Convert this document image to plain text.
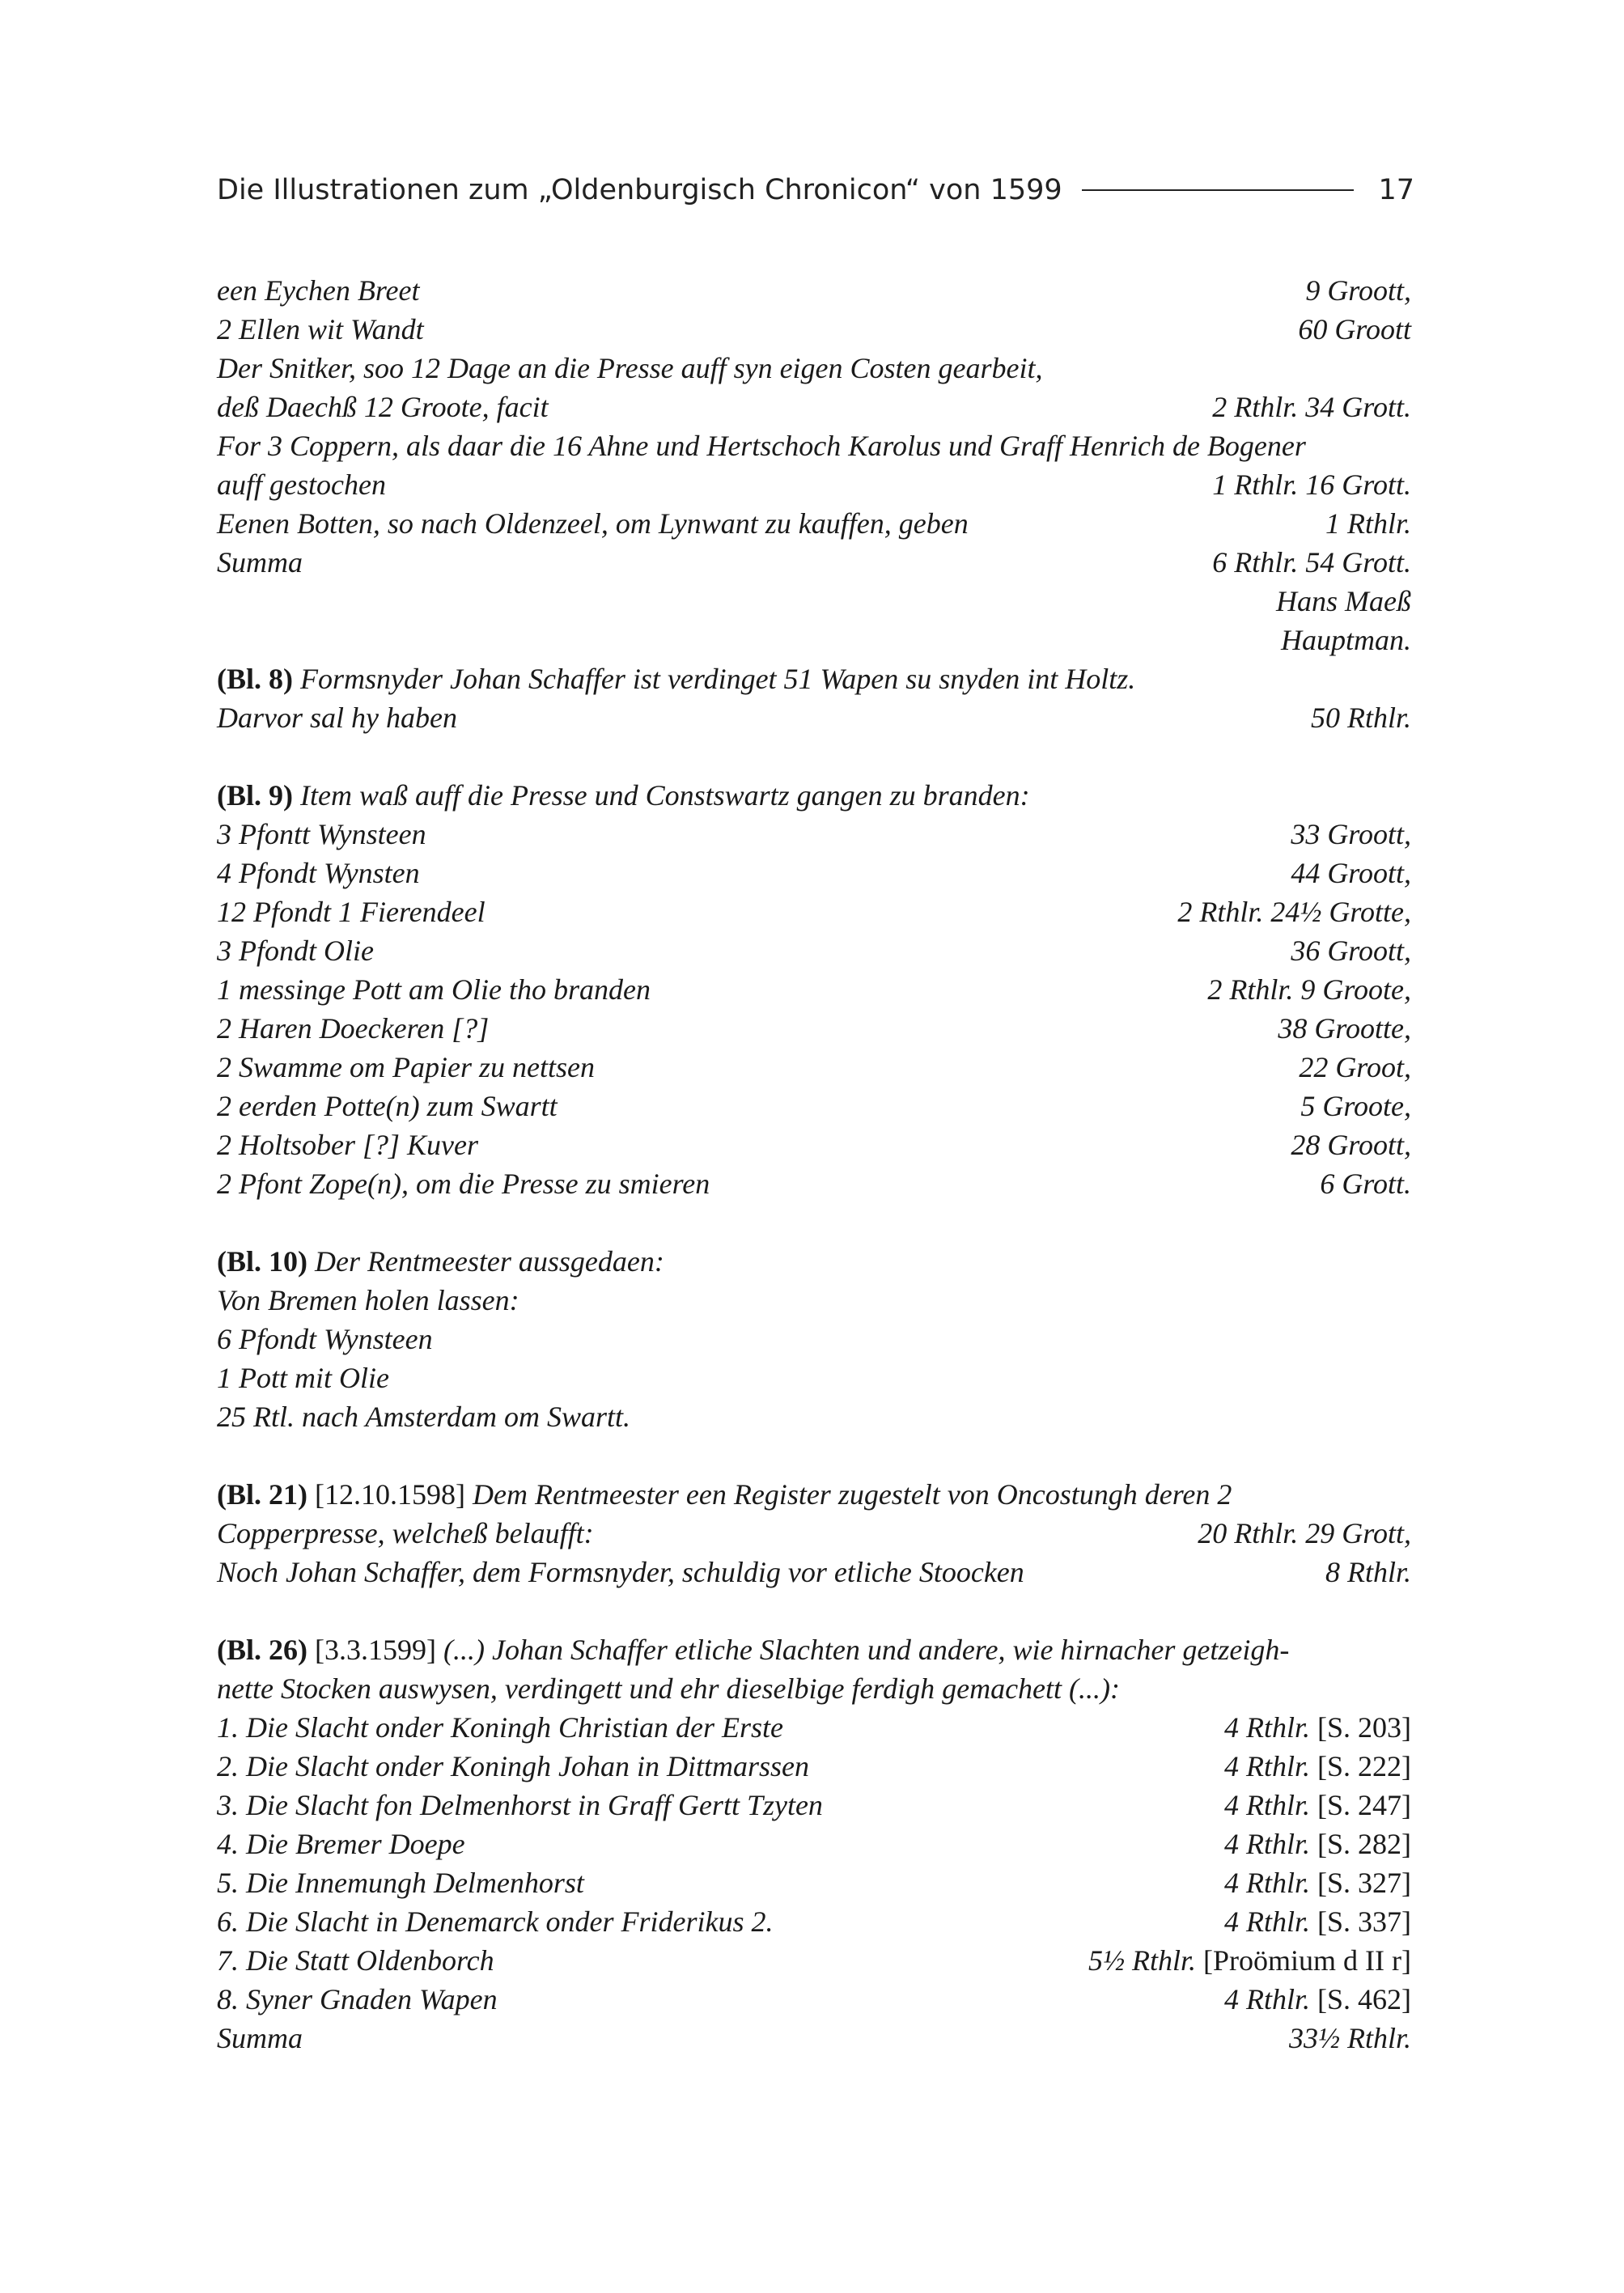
Die Illustrationen zum „Oldenburgisch Chronicon“ von 1599	17
een Eychen Breet	9 Groott,
2 Ellen wit Wandt	60 Groott
Der Snitker, soo 12 Dage an die Presse auff syn eigen Costen gearbeit,
deß Daechß 12 Groote, facit	2 Rthlr. 34 Grott.
For 3 Coppern, als daar die 16 Ahne und Hertschoch Karolus und Graff Henrich de Bogener
auff gestochen	1 Rthlr. 16 Grott.
Eenen Botten, so nach Oldenzeel, om Lynwant zu kauffen, geben	1 Rthlr.
Summa	6 Rthlr. 54 Grott.
Hans Maeß
Hauptman.
(Bl. 8) Formsnyder Johan Schaffer ist verdinget 51 Wapen su snyden int Holtz.
Darvor sal hy haben	50 Rthlr.
(Bl. 9) Item waß auff die Presse und Constswartz gangen zu branden:
3 Pfontt Wynsteen	33 Groott,
4 Pfondt Wynsten	44 Groott,
12 Pfondt 1 Fierendeel	2 Rthlr. 24½ Grotte,
3 Pfondt Olie	36 Groott,
1 messinge Pott am Olie tho branden	2 Rthlr. 9 Groote,
2 Haren Doeckeren [?]	38 Grootte,
2 Swamme om Papier zu nettsen	22 Groot,
2 eerden Potte(n) zum Swartt	5 Groote,
2 Holtsober [?] Kuver	28 Groott,
2 Pfont Zope(n), om die Presse zu smieren	6 Grott.
(Bl. 10) Der Rentmeester aussgedaen:
Von Bremen holen lassen:
6 Pfondt Wynsteen
1 Pott mit Olie
25 Rtl. nach Amsterdam om Swartt.
(Bl. 21) [12.10.1598] Dem Rentmeester een Register zugestelt von Oncostungh deren 2
Copperpresse, welcheß belaufft:	20 Rthlr. 29 Grott,
Noch Johan Schaffer, dem Formsnyder, schuldig vor etliche Stoocken	8 Rthlr.
(Bl. 26) [3.3.1599] (...) Johan Schaffer etliche Slachten und andere, wie hirnacher getzeigh-
nette Stocken auswysen, verdingett und ehr dieselbige ferdigh gemachett (...):
1. Die Slacht onder Koningh Christian der Erste	4 Rthlr. [S. 203]
2. Die Slacht onder Koningh Johan in Dittmarssen	4 Rthlr. [S. 222]
3. Die Slacht fon Delmenhorst in Graff Gertt Tzyten	4 Rthlr. [S. 247]
4. Die Bremer Doepe	4 Rthlr. [S. 282]
5. Die Innemungh Delmenhorst	4 Rthlr. [S. 327]
6. Die Slacht in Denemarck onder Friderikus 2.	4 Rthlr. [S. 337]
7. Die Statt Oldenborch	5½ Rthlr. [Proömium d II r]
8. Syner Gnaden Wapen	4 Rthlr. [S. 462]
Summa	33½ Rthlr.
